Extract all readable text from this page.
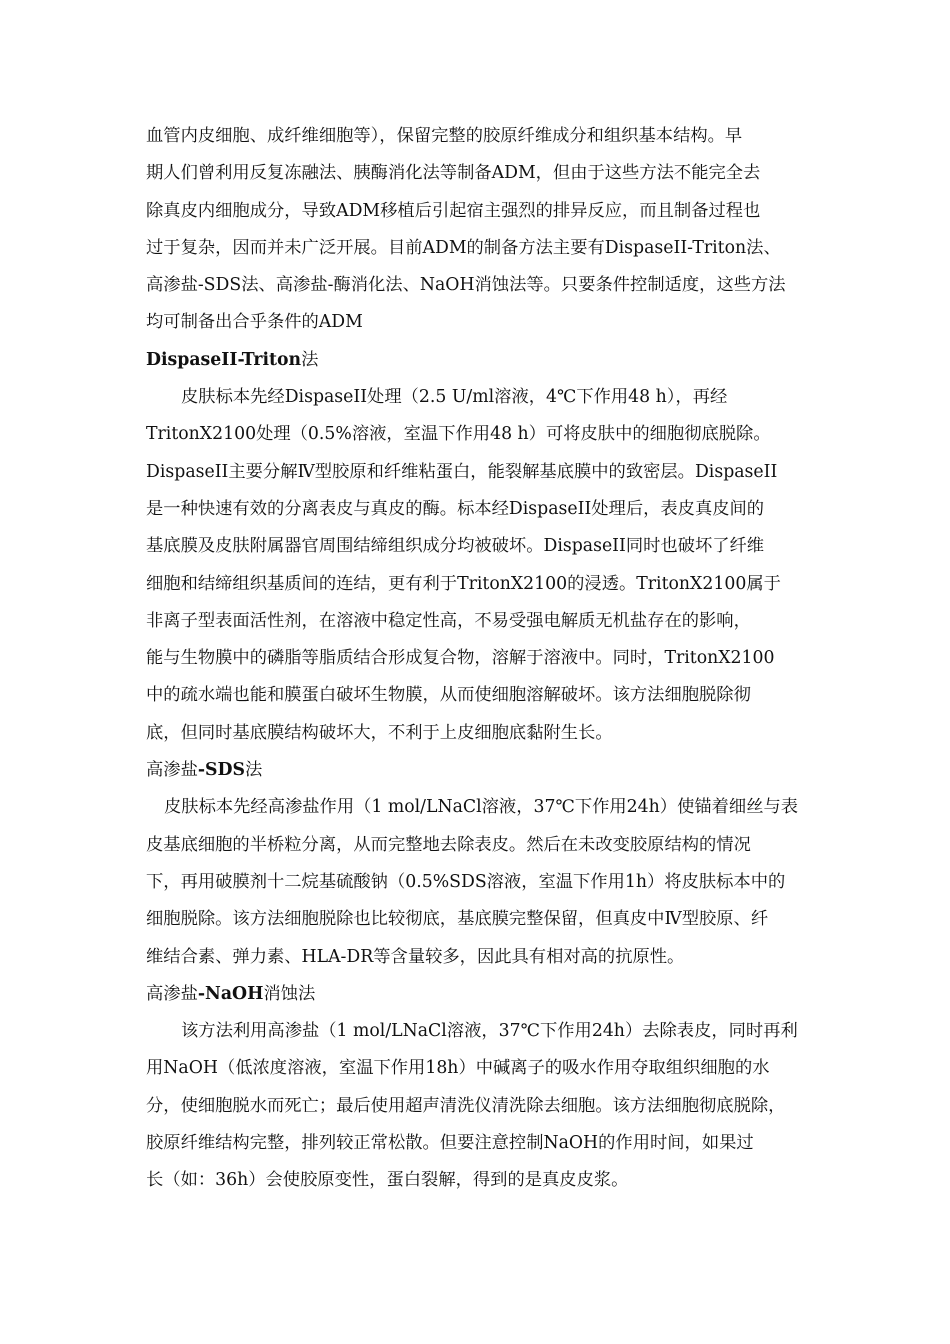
血管内皮细胞、成纤维细胞等），保留完整的胶原纤维成分和组织基本结构。早
期人们曾利用反复冻融法、胰酶消化法等制备ADM，但由于这些方法不能完全去
除真皮内细胞成分，导致ADM移植后引起宿主强烈的排异反应，而且制备过程也
过于复杂，因而并未广泛开展。目前ADM的制备方法主要有DispaseII-Triton法、
高渗盐-SDS法、高渗盐-酶消化法、NaOH消蚀法等。只要条件控制适度，这些方法
均可制备出合乎条件的ADM
DispaseII-Triton法
皮肤标本先经DispaseII处理（2.5 U/ml溶液，4℃下作用48 h），再经
TritonX2100处理（0.5%溶液，室温下作用48 h）可将皮肤中的细胞彻底脱除。
DispaseII主要分解Ⅳ型胶原和纤维粘蛋白，能裂解基底膜中的致密层。DispaseII
是一种快速有效的分离表皮与真皮的酶。标本经DispaseII处理后，表皮真皮间的
基底膜及皮肤附属器官周围结缔组织成分均被破坏。DispaseII同时也破坏了纤维
细胞和结缔组织基质间的连结，更有利于TritonX2100的浸透。TritonX2100属于
非离子型表面活性剂，在溶液中稳定性高，不易受强电解质无机盐存在的影响，
能与生物膜中的磷脂等脂质结合形成复合物，溶解于溶液中。同时，TritonX2100
中的疏水端也能和膜蛋白破坏生物膜，从而使细胞溶解破坏。该方法细胞脱除彻
底，但同时基底膜结构破坏大，不利于上皮细胞底黏附生长。
高渗盐-SDS法
皮肤标本先经高渗盐作用（1 mol/LNaCl溶液，37℃下作用24h）使锚着细丝与表
皮基底细胞的半桥粒分离，从而完整地去除表皮。然后在未改变胶原结构的情况
下，再用破膜剂十二烷基硫酸钠（0.5%SDS溶液，室温下作用1h）将皮肤标本中的
细胞脱除。该方法细胞脱除也比较彻底，基底膜完整保留，但真皮中Ⅳ型胶原、纤
维结合素、弹力素、HLA-DR等含量较多，因此具有相对高的抗原性。
高渗盐-NaOH消蚀法
该方法利用高渗盐（1 mol/LNaCl溶液，37℃下作用24h）去除表皮，同时再利
用NaOH（低浓度溶液，室温下作用18h）中碱离子的吸水作用夺取组织细胞的水
分，使细胞脱水而死亡；最后使用超声清洗仪清洗除去细胞。该方法细胞彻底脱除，
胶原纤维结构完整，排列较正常松散。但要注意控制NaOH的作用时间，如果过
长（如：36h）会使胶原变性，蛋白裂解，得到的是真皮皮浆。
